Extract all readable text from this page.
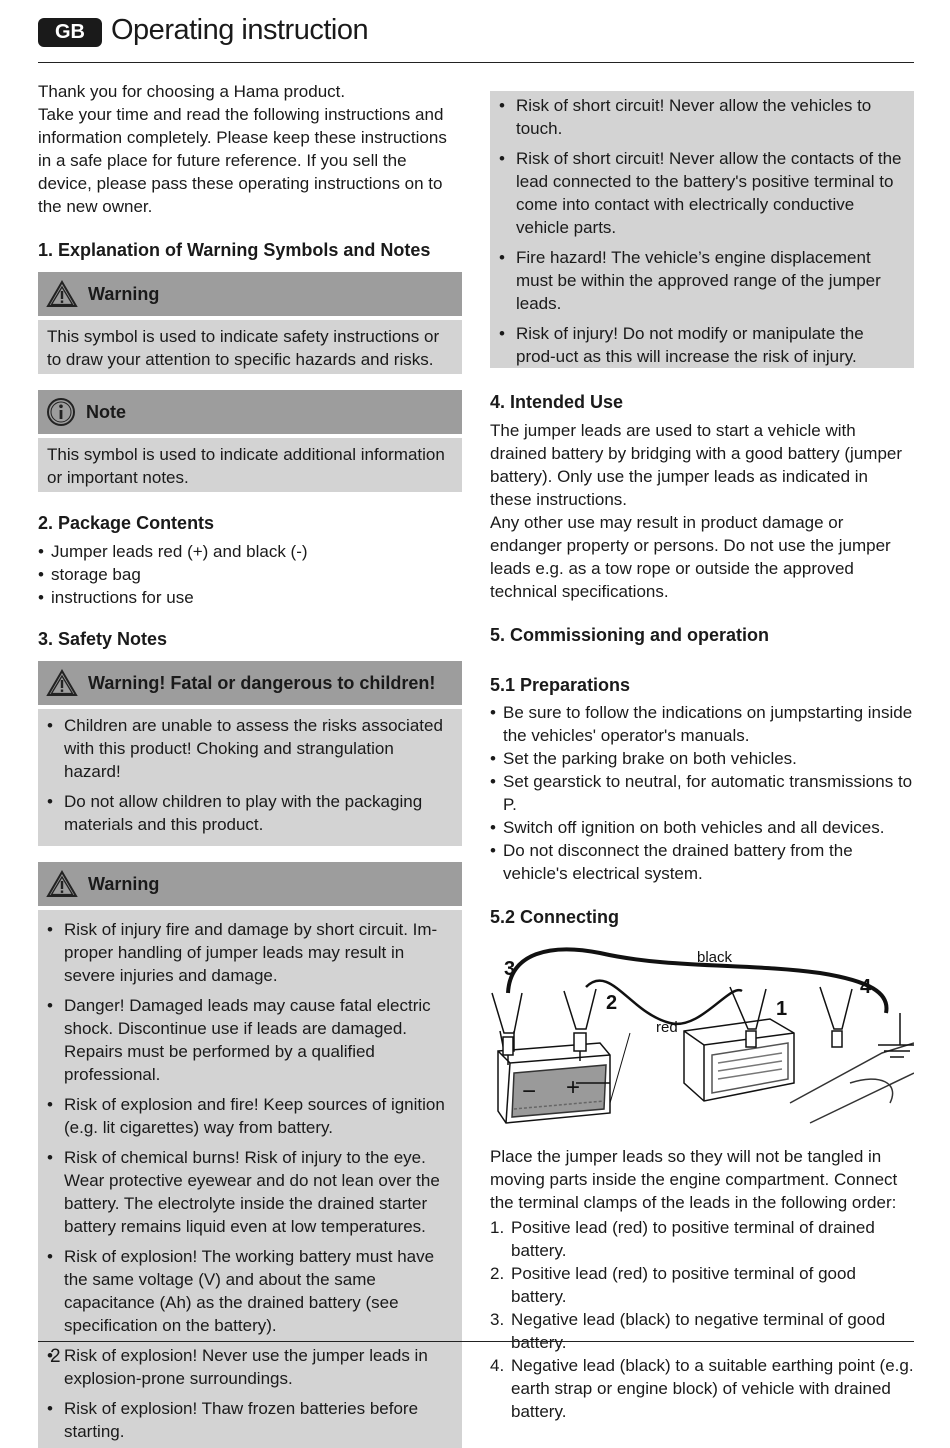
GB Operating instruction

Thank you for choosing a Hama product.
Take your time and read the following instructions and information completely. Please keep these instructions in a safe place for future reference. If you sell the device, please pass these operating instructions on to the new owner.

1. Explanation of Warning Symbols and Notes

Warning

This symbol is used to indicate safety instructions or to draw your attention to specific hazards and risks.

Note

This symbol is used to indicate additional information or important notes.

2. Package Contents

• Jumper leads red (+) and black (-)
• storage bag
• instructions for use

3. Safety Notes

Warning! Fatal or dangerous to children!
• Children are unable to assess the risks associated with this product! Choking and strangulation hazard!
• Do not allow children to play with the packaging materials and this product.
Warning
• Risk of injury fire and damage by short circuit. Im-proper handling of jumper leads may result in severe injuries and damage.
• Danger! Damaged leads may cause fatal electric shock. Discontinue use if leads are damaged. Repairs must be performed by a qualified professional.
• Risk of explosion and fire! Keep sources of ignition (e.g. lit cigarettes) way from battery.
• Risk of chemical burns! Risk of injury to the eye. Wear protective eyewear and do not lean over the battery. The electrolyte inside the drained starter battery remains liquid even at low temperatures.
• Risk of explosion! The working battery must have the same voltage (V) and about the same capacitance (Ah) as the drained battery (see specification on the battery).
• Risk of explosion! Never use the jumper leads in explosion-prone surroundings.
• Risk of explosion! Thaw frozen batteries before starting.
• Risk of short circuit! Never allow the vehicles to touch.
• Risk of short circuit! Never allow the contacts of the lead connected to the battery's positive terminal to come into contact with electrically conductive vehicle parts.
• Fire hazard! The vehicle’s engine displacement must be within the approved range of the jumper leads.
• Risk of injury! Do not modify or manipulate the prod-uct as this will increase the risk of injury.

4. Intended Use

The jumper leads are used to start a vehicle with drained battery by bridging with a good battery (jumper battery). Only use the jumper leads as indicated in these instructions.

Any other use may result in product damage or endanger property or persons. Do not use the jumper leads e.g. as a tow rope or outside the approved technical specifications.

5. Commissioning and operation

5.1 Preparations

• Be sure to follow the indications on jumpstarting inside the vehicles' operator's manuals.
• Set the parking brake on both vehicles.
• Set gearstick to neutral, for automatic transmissions to P.
• Switch off ignition on both vehicles and all devices.
• Do not disconnect the drained battery from the vehicle's electrical system.

5.2 Connecting

− +
black
red
1
2
3
4

Place the jumper leads so they will not be tangled in moving parts inside the engine compartment. Connect the terminal clamps of the leads in the following order:

1. Positive lead (red) to positive terminal of drained battery.
2. Positive lead (red) to positive terminal of good battery.
3. Negative lead (black) to negative terminal of good battery.
4. Negative lead (black) to a suitable earthing point (e.g. earth strap or engine block) of vehicle with drained battery.
2
